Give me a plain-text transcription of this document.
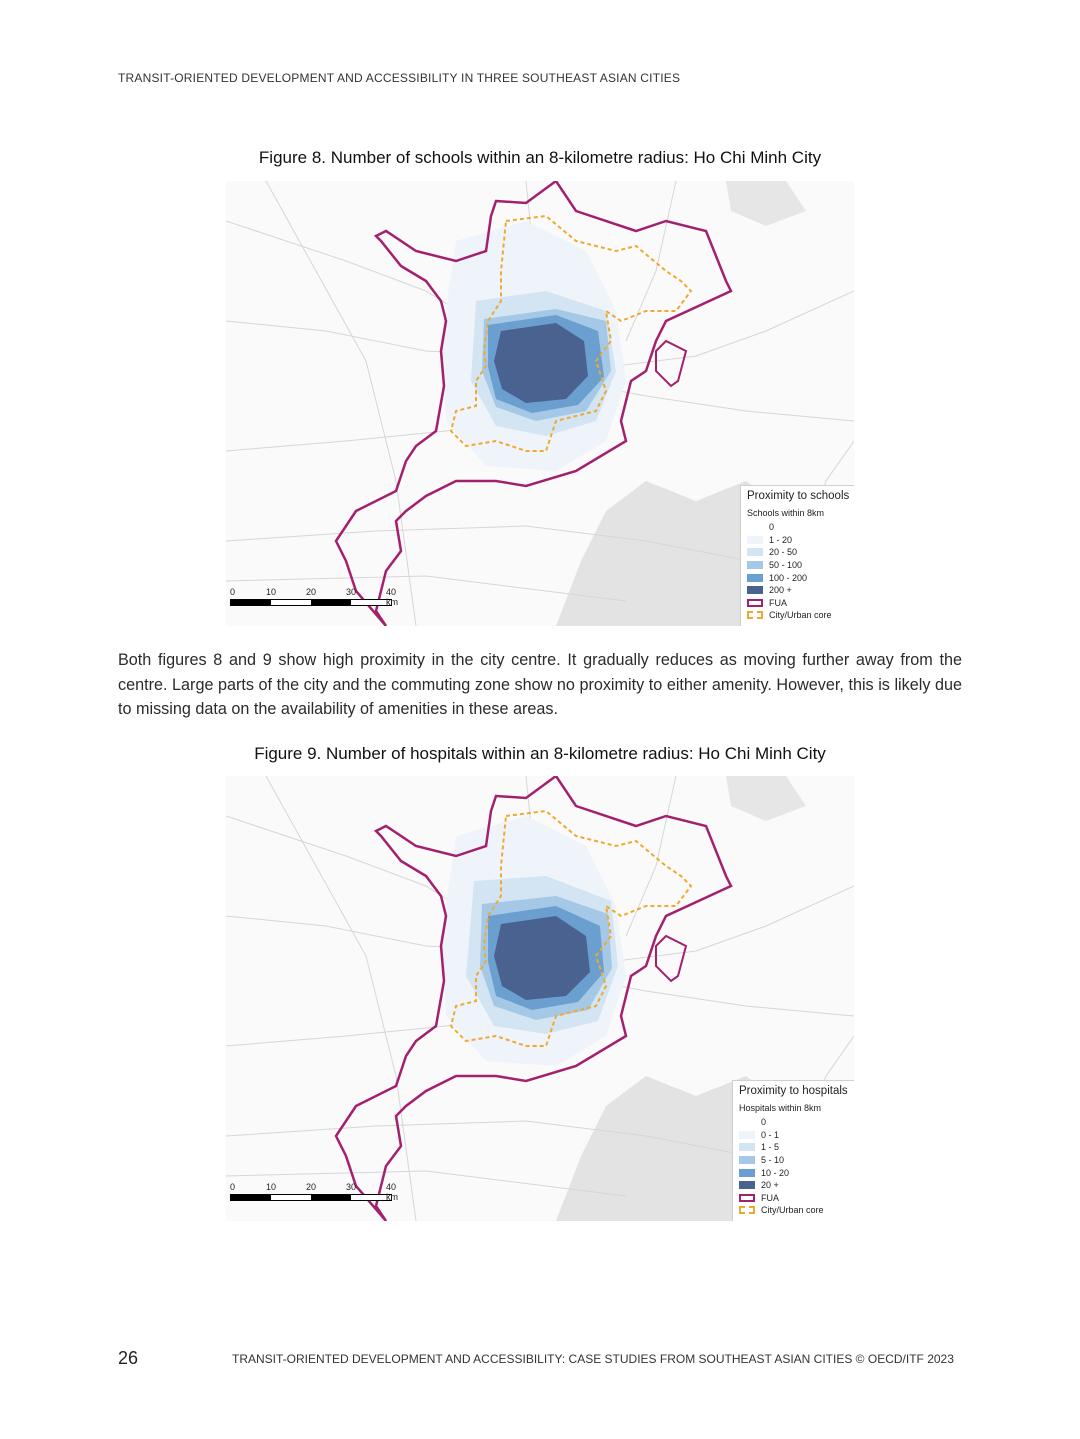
TRANSIT-ORIENTED DEVELOPMENT AND ACCESSIBILITY IN THREE SOUTHEAST ASIAN CITIES
Figure 8. Number of schools within an 8-kilometre radius: Ho Chi Minh City
0	10	20	30	40 km
Proximity to schools
Schools within 8km
0
1 - 20
20 - 50
50 - 100
100 - 200
200 +
FUA
City/Urban core
Both figures 8 and 9 show high proximity in the city centre. It gradually reduces as moving further away from the centre. Large parts of the city and the commuting zone show no proximity to either amenity. However, this is likely due to missing data on the availability of amenities in these areas.
Figure 9. Number of hospitals within an 8-kilometre radius: Ho Chi Minh City
0	10	20	30	40 km
Proximity to hospitals
Hospitals within 8km
0
0 - 1
1 - 5
5 - 10
10 - 20
20 +
FUA
City/Urban core
26	TRANSIT-ORIENTED DEVELOPMENT AND ACCESSIBILITY: CASE STUDIES FROM SOUTHEAST ASIAN CITIES © OECD/ITF 2023
